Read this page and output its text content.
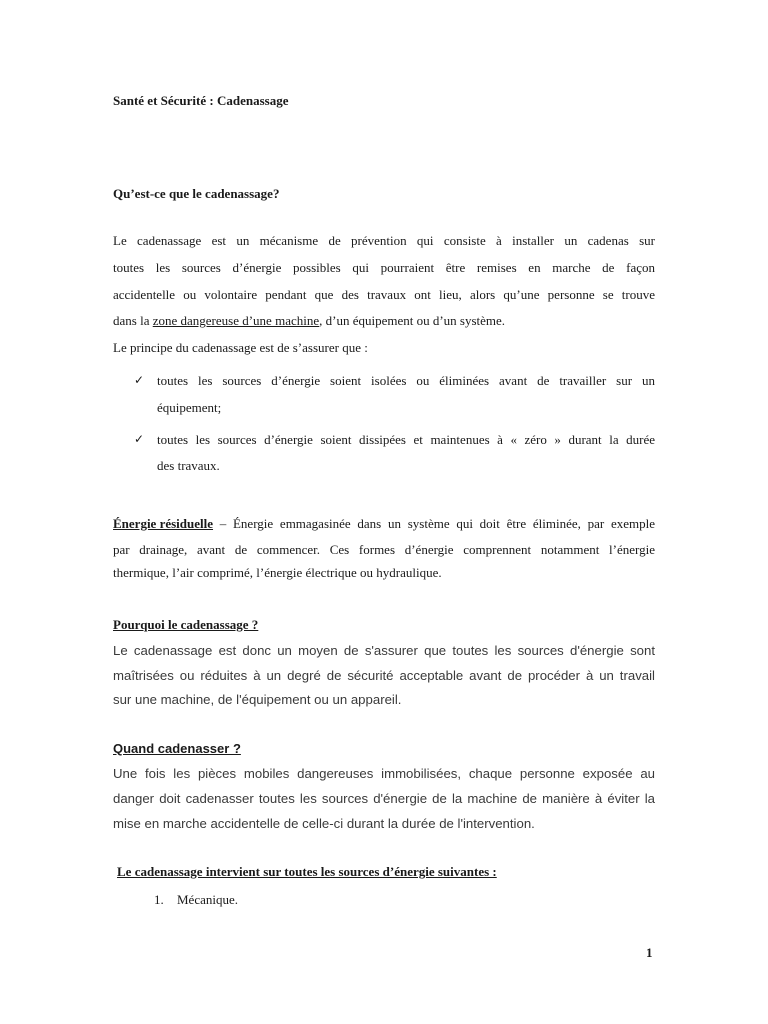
Santé et Sécurité : Cadenassage
Qu’est-ce que le cadenassage?
Le cadenassage est un mécanisme de prévention qui consiste à installer un cadenas sur
toutes les sources d’énergie possibles qui pourraient être remises en marche de façon
accidentelle ou volontaire pendant que des travaux ont lieu, alors qu’une personne se trouve
dans la zone dangereuse d’une machine, d’un équipement ou d’un système.
Le principe du cadenassage est de s’assurer que :
✓ toutes les sources d’énergie soient isolées ou éliminées avant de travailler sur un
équipement;
✓ toutes les sources d’énergie soient dissipées et maintenues à « zéro » durant la durée
des travaux.
Énergie résiduelle – Énergie emmagasinée dans un système qui doit être éliminée, par exemple
par drainage, avant de commencer. Ces formes d’énergie comprennent notamment l’énergie
thermique, l’air comprimé, l’énergie électrique ou hydraulique.
Pourquoi le cadenassage ?
Le cadenassage est donc un moyen de s'assurer que toutes les sources d'énergie sont
maîtrisées ou réduites à un degré de sécurité acceptable avant de procéder à un travail
sur une machine, de l'équipement ou un appareil.
Quand cadenasser ?
Une fois les pièces mobiles dangereuses immobilisées, chaque personne exposée au
danger doit cadenasser toutes les sources d'énergie de la machine de manière à éviter la
mise en marche accidentelle de celle-ci durant la durée de l'intervention.
Le cadenassage intervient sur toutes les sources d’énergie suivantes :
1. Mécanique.
1
